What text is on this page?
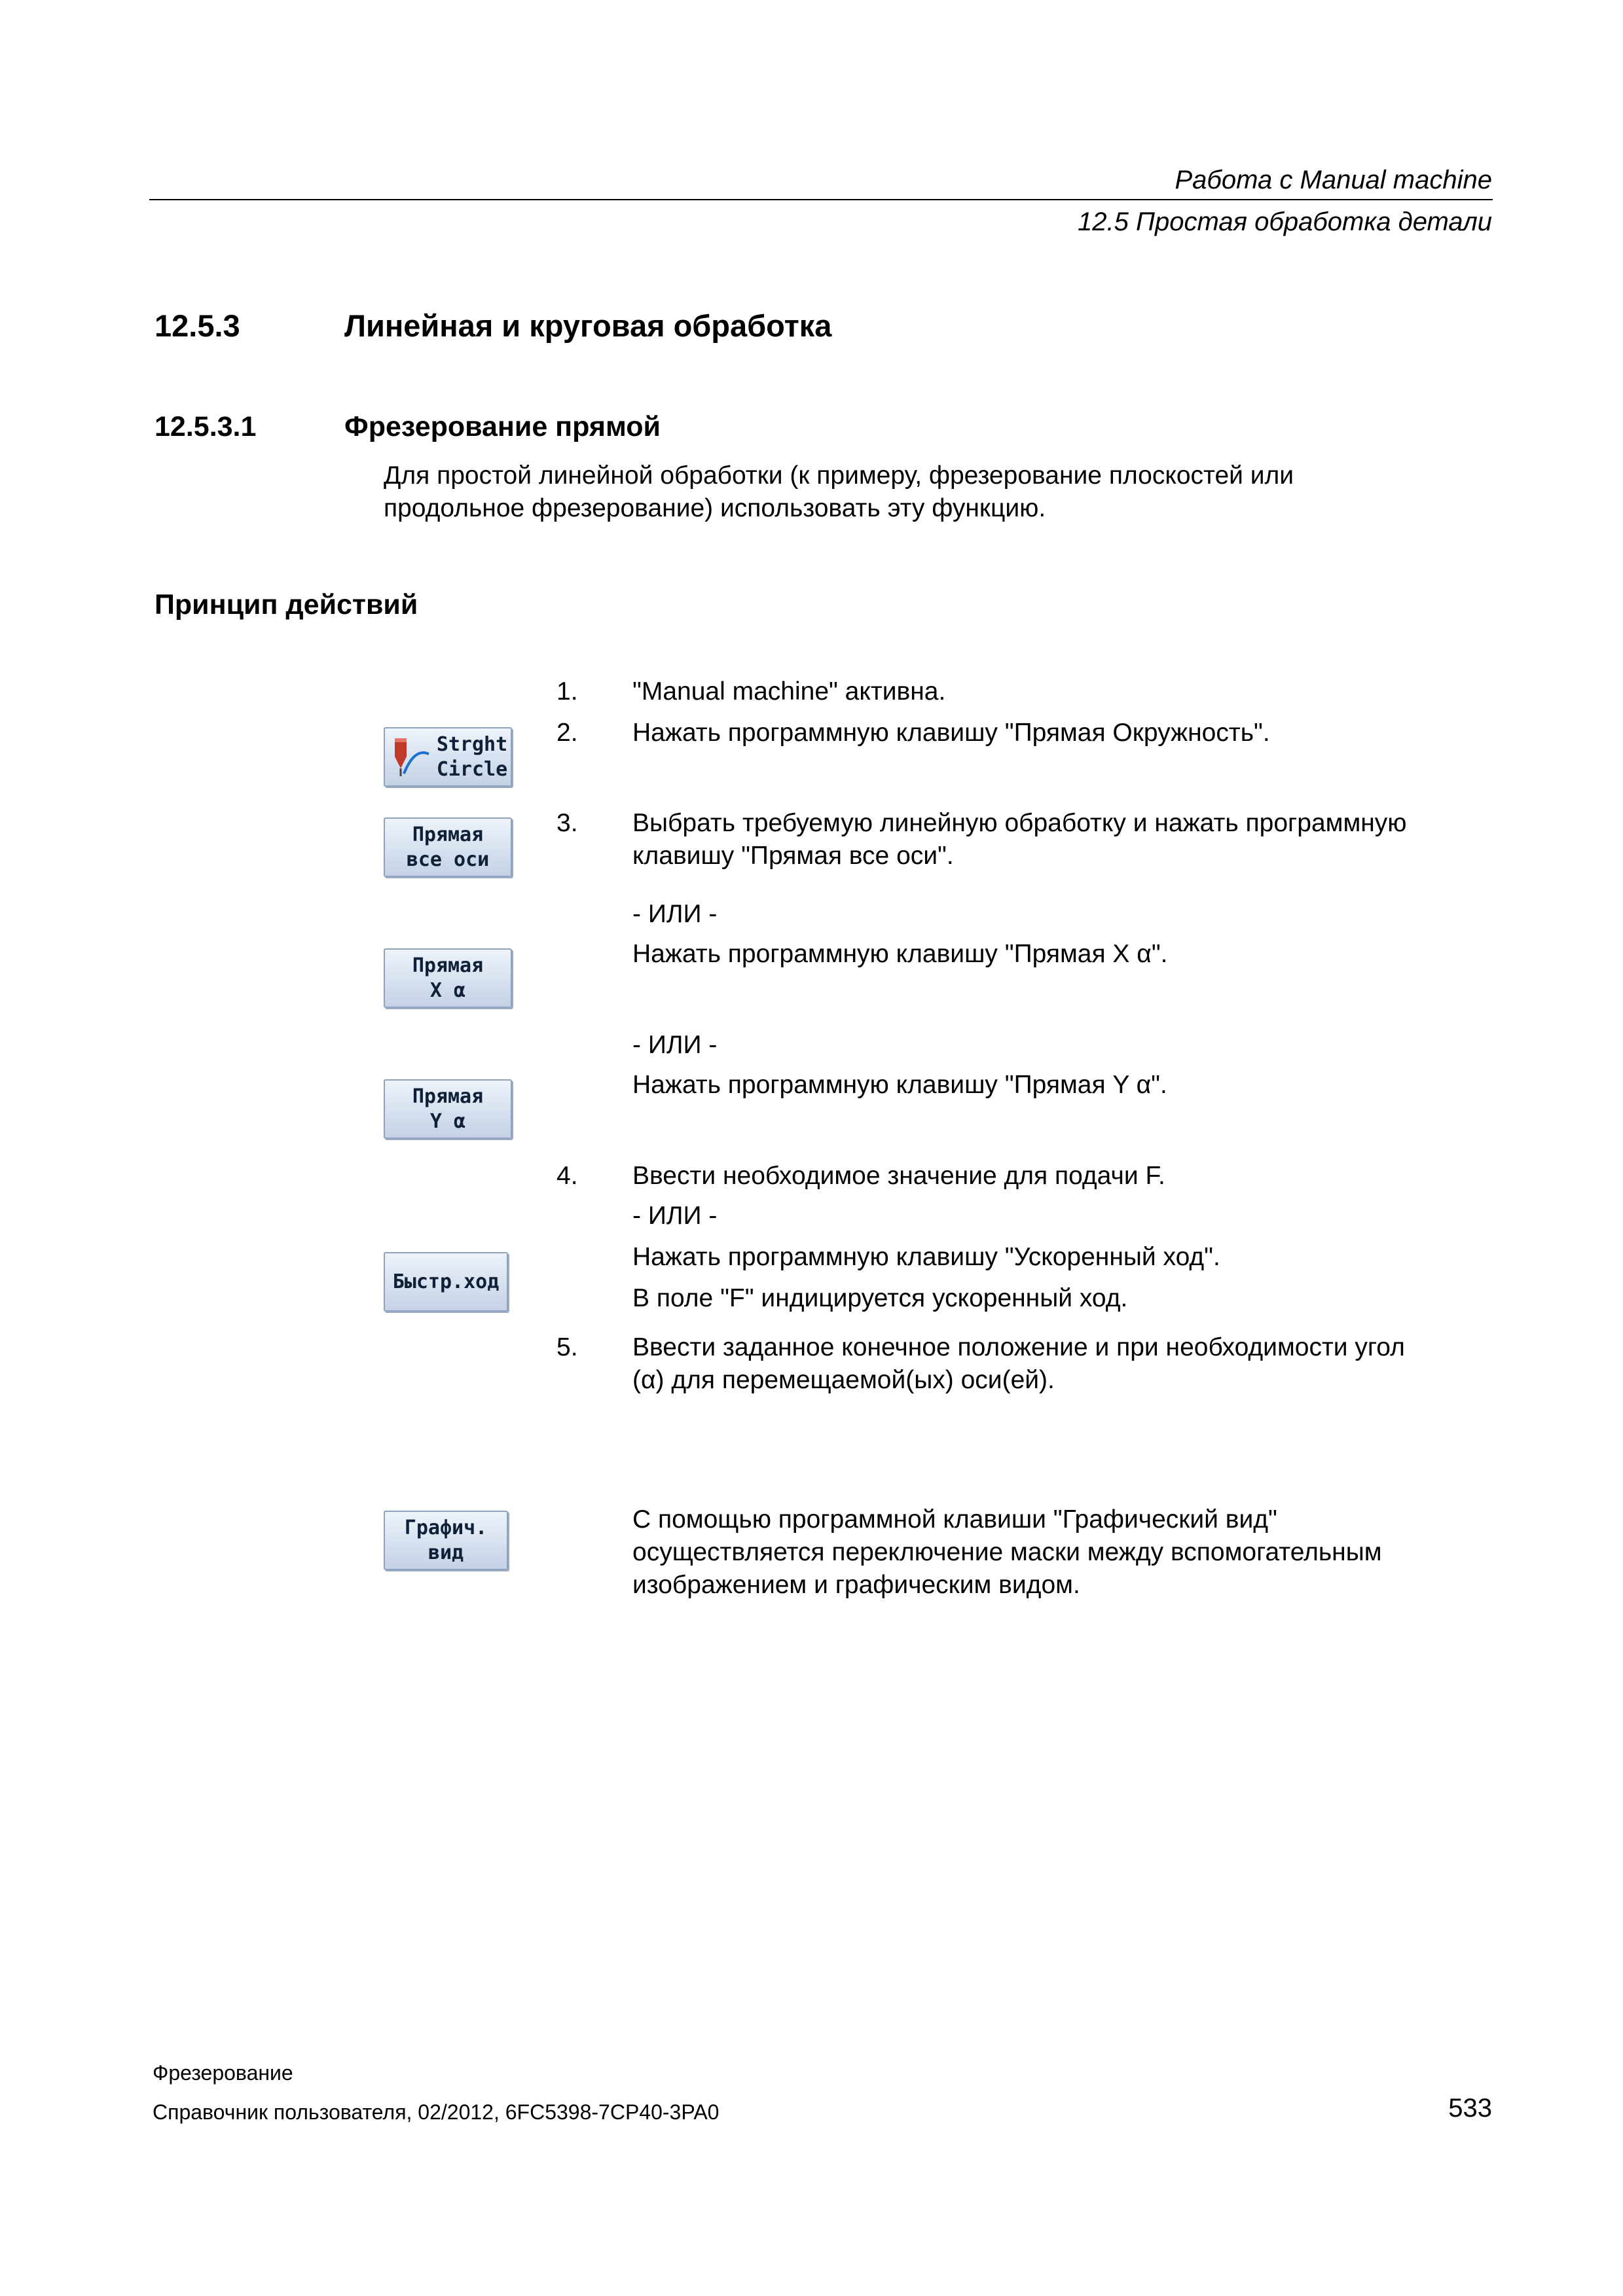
Работа с Manual machine
12.5 Простая обработка детали
12.5.3	Линейная и круговая обработка
12.5.3.1	Фрезерование прямой
Для простой линейной обработки (к примеру, фрезерование плоскостей или
продольное фрезерование) использовать эту функцию.
Принцип действий
Strght
Circle
Прямая
все оси
Прямая
X α
Прямая
Y α
Быстр.ход
Графич.
вид
1. "Manual machine" активна.
2. Нажать программную клавишу "Прямая Окружность".
3. Выбрать требуемую линейную обработку и нажать программную
клавишу "Прямая все оси".
- ИЛИ -
Нажать программную клавишу "Прямая X α".
- ИЛИ -
Нажать программную клавишу "Прямая Y α".
4. Ввести необходимое значение для подачи F.
- ИЛИ -
Нажать программную клавишу "Ускоренный ход".
В поле "F" индицируется ускоренный ход.
5. Ввести заданное конечное положение и при необходимости угол
(α) для перемещаемой(ых) оси(ей).
С помощью программной клавиши "Графический вид"
осуществляется переключение маски между вспомогательным
изображением и графическим видом.
Фрезерование
Справочник пользователя, 02/2012, 6FC5398-7CP40-3PA0	533
